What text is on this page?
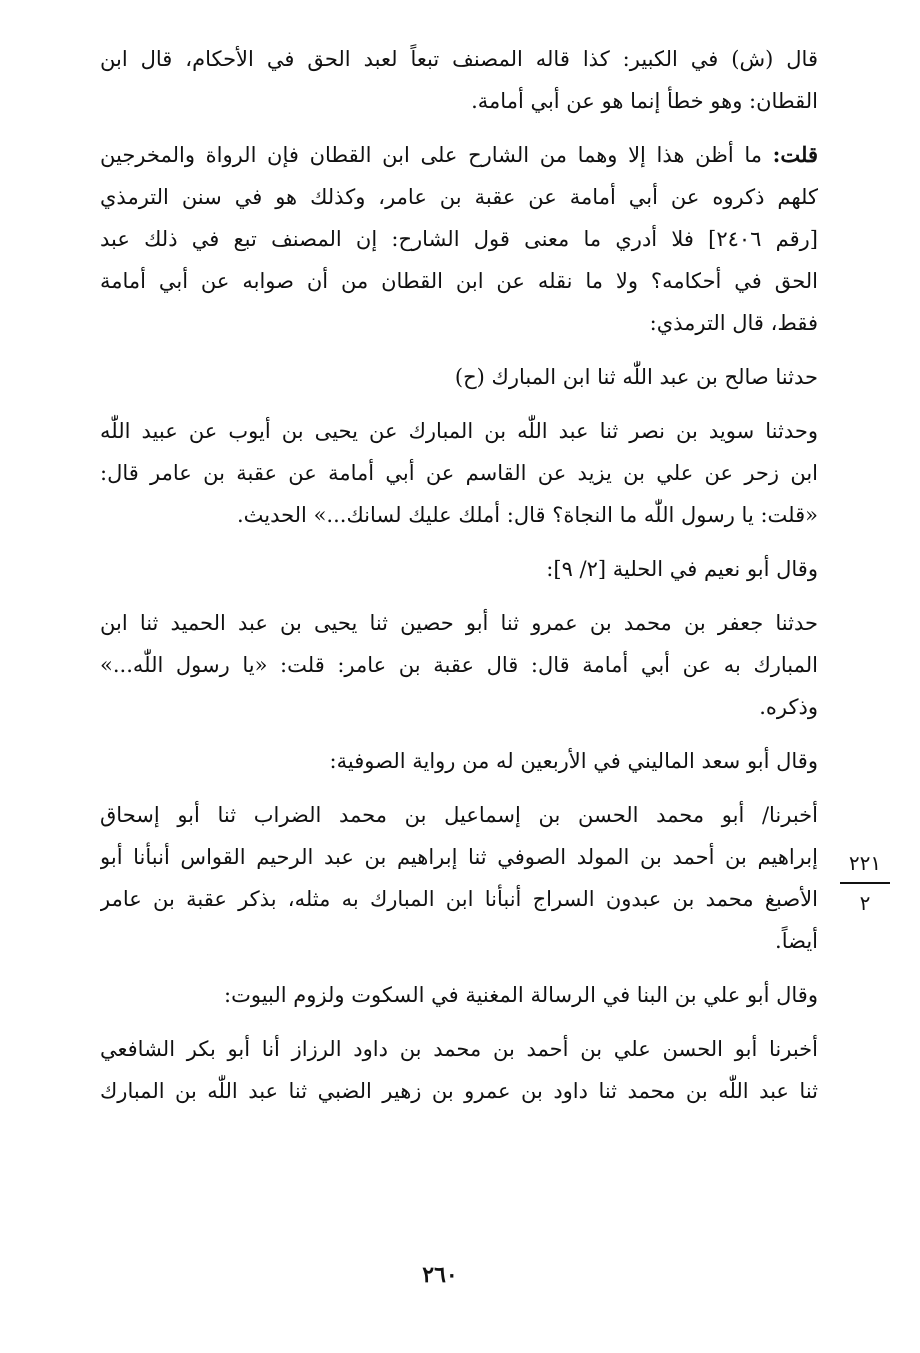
قال (ش) في الكبير: كذا قاله المصنف تبعاً لعبد الحق في الأحكام، قال ابن
القطان: وهو خطأ إنما هو عن أبي أمامة.

قلت: ما أظن هذا إلا وهما من الشارح على ابن القطان فإن الرواة والمخرجين
كلهم ذكروه عن أبي أمامة عن عقبة بن عامر، وكذلك هو في سنن الترمذي
[رقم ٢٤٠٦] فلا أدري ما معنى قول الشارح: إن المصنف تبع في ذلك عبد
الحق في أحكامه؟ ولا ما نقله عن ابن القطان من أن صوابه عن أبي أمامة
فقط، قال الترمذي:

حدثنا صالح بن عبد اللّٰه ثنا ابن المبارك (ح)

وحدثنا سويد بن نصر ثنا عبد اللّٰه بن المبارك عن يحيى بن أيوب عن عبيد اللّٰه
ابن زحر عن علي بن يزيد عن القاسم عن أبي أمامة عن عقبة بن عامر قال:
«قلت: يا رسول اللّٰه ما النجاة؟ قال: أملك عليك لسانك...» الحديث.

وقال أبو نعيم في الحلية [٢/ ٩]:

حدثنا جعفر بن محمد بن عمرو ثنا أبو حصين ثنا يحيى بن عبد الحميد ثنا ابن
المبارك به عن أبي أمامة قال: قال عقبة بن عامر: قلت: «يا رسول اللّٰه...»
وذكره.

وقال أبو سعد الماليني في الأربعين له من رواية الصوفية:

أخبرنا/ أبو محمد الحسن بن إسماعيل بن محمد الضراب ثنا أبو إسحاق
إبراهيم بن أحمد بن المولد الصوفي ثنا إبراهيم بن عبد الرحيم القواس أنبأنا أبو
الأصبغ محمد بن عبدون السراج أنبأنا ابن المبارك به مثله، بذكر عقبة بن عامر
أيضاً.

وقال أبو علي بن البنا في الرسالة المغنية في السكوت ولزوم البيوت:

أخبرنا أبو الحسن علي بن أحمد بن محمد بن داود الرزاز أنا أبو بكر الشافعي
ثنا عبد اللّٰه بن محمد ثنا داود بن عمرو بن زهير الضبي ثنا عبد اللّٰه بن المبارك

٢٢١
٢
٢٦٠
